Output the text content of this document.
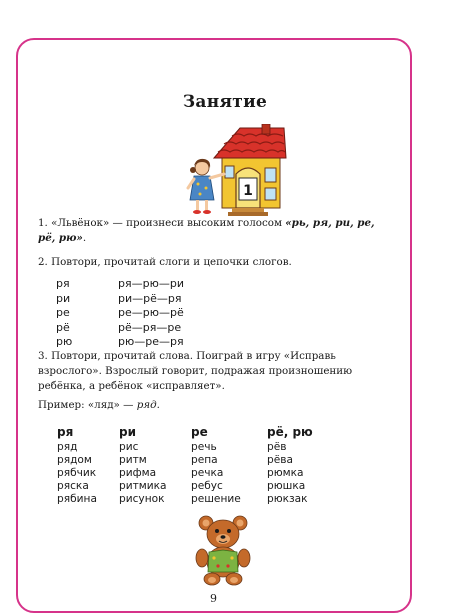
Занятие
1
1. «Львёнок» — произнеси высоким голосом «рь, ря, ри, ре, рё, рю».
2. Повтори, прочитай слоги и цепочки слогов.
ря	ря—рю—ри
ри	ри—рё—ря
ре	ре—рю—рё
рё	рё—ря—ре
рю	рю—ре—ря
3. Повтори, прочитай слова. Поиграй в игру «Исправь взрослого». Взрослый говорит, подражая произношению ребёнка, а ребёнок «исправляет».
Пример: «ляд» — ряд.
ря	ри	ре	рё, рю
ряд	рис	речь	рёв
рядом	ритм	репа	рёва
рябчик	рифма	речка	рюмка
ряска	ритмика	ребус	рюшка
рябина	рисунок	решение	рюкзак
9
